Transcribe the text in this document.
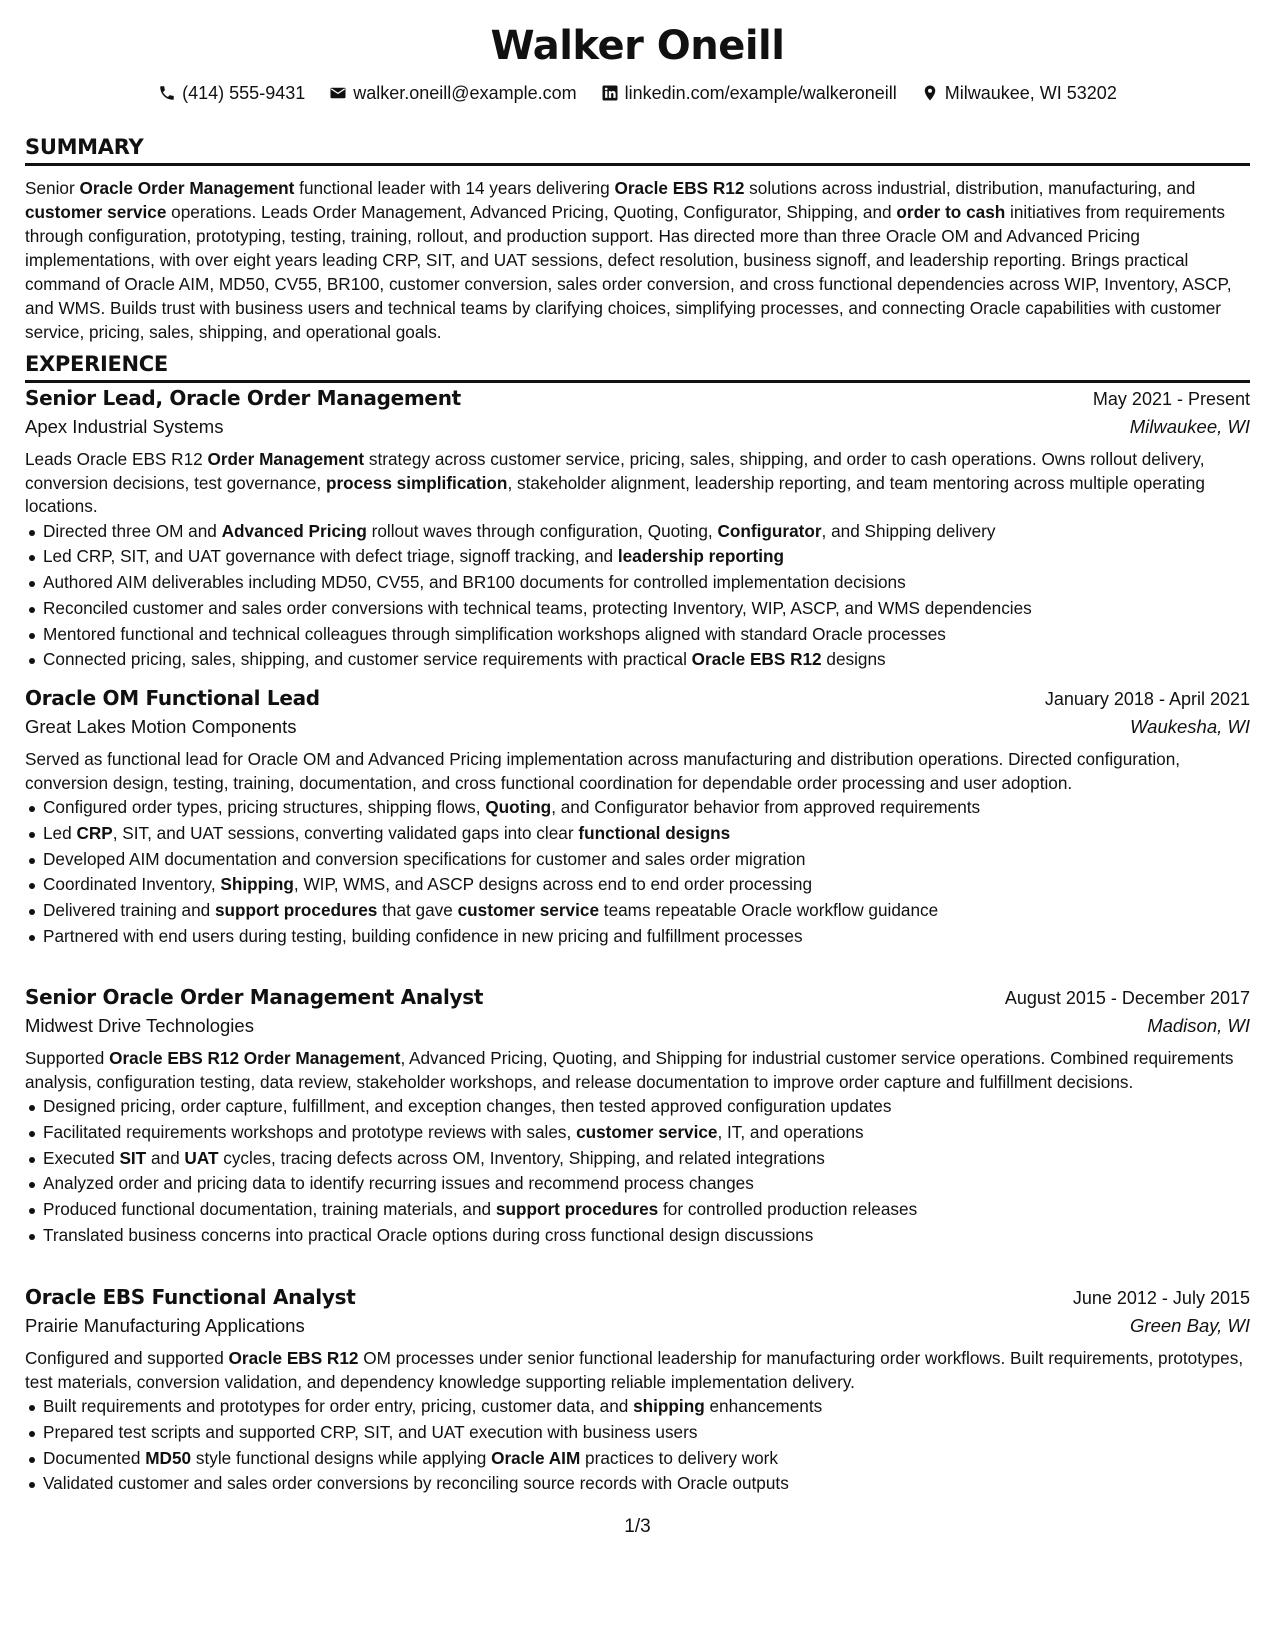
Walker Oneill
(414) 555-9431	walker.oneill@example.com	linkedin.com/example/walkeroneill	Milwaukee, WI 53202
SUMMARY
Senior Oracle Order Management functional leader with 14 years delivering Oracle EBS R12 solutions across industrial, distribution, manufacturing, and customer service operations. Leads Order Management, Advanced Pricing, Quoting, Configurator, Shipping, and order to cash initiatives from requirements through configuration, prototyping, testing, training, rollout, and production support. Has directed more than three Oracle OM and Advanced Pricing implementations, with over eight years leading CRP, SIT, and UAT sessions, defect resolution, business signoff, and leadership reporting. Brings practical command of Oracle AIM, MD50, CV55, BR100, customer conversion, sales order conversion, and cross functional dependencies across WIP, Inventory, ASCP, and WMS. Builds trust with business users and technical teams by clarifying choices, simplifying processes, and connecting Oracle capabilities with customer service, pricing, sales, shipping, and operational goals.
EXPERIENCE
Senior Lead, Oracle Order Management	May 2021 - Present
Apex Industrial Systems	Milwaukee, WI
Leads Oracle EBS R12 Order Management strategy across customer service, pricing, sales, shipping, and order to cash operations. Owns rollout delivery, conversion decisions, test governance, process simplification, stakeholder alignment, leadership reporting, and team mentoring across multiple operating locations.
Directed three OM and Advanced Pricing rollout waves through configuration, Quoting, Configurator, and Shipping delivery
Led CRP, SIT, and UAT governance with defect triage, signoff tracking, and leadership reporting
Authored AIM deliverables including MD50, CV55, and BR100 documents for controlled implementation decisions
Reconciled customer and sales order conversions with technical teams, protecting Inventory, WIP, ASCP, and WMS dependencies
Mentored functional and technical colleagues through simplification workshops aligned with standard Oracle processes
Connected pricing, sales, shipping, and customer service requirements with practical Oracle EBS R12 designs
Oracle OM Functional Lead	January 2018 - April 2021
Great Lakes Motion Components	Waukesha, WI
Served as functional lead for Oracle OM and Advanced Pricing implementation across manufacturing and distribution operations. Directed configuration, conversion design, testing, training, documentation, and cross functional coordination for dependable order processing and user adoption.
Configured order types, pricing structures, shipping flows, Quoting, and Configurator behavior from approved requirements
Led CRP, SIT, and UAT sessions, converting validated gaps into clear functional designs
Developed AIM documentation and conversion specifications for customer and sales order migration
Coordinated Inventory, Shipping, WIP, WMS, and ASCP designs across end to end order processing
Delivered training and support procedures that gave customer service teams repeatable Oracle workflow guidance
Partnered with end users during testing, building confidence in new pricing and fulfillment processes
Senior Oracle Order Management Analyst	August 2015 - December 2017
Midwest Drive Technologies	Madison, WI
Supported Oracle EBS R12 Order Management, Advanced Pricing, Quoting, and Shipping for industrial customer service operations. Combined requirements analysis, configuration testing, data review, stakeholder workshops, and release documentation to improve order capture and fulfillment decisions.
Designed pricing, order capture, fulfillment, and exception changes, then tested approved configuration updates
Facilitated requirements workshops and prototype reviews with sales, customer service, IT, and operations
Executed SIT and UAT cycles, tracing defects across OM, Inventory, Shipping, and related integrations
Analyzed order and pricing data to identify recurring issues and recommend process changes
Produced functional documentation, training materials, and support procedures for controlled production releases
Translated business concerns into practical Oracle options during cross functional design discussions
Oracle EBS Functional Analyst	June 2012 - July 2015
Prairie Manufacturing Applications	Green Bay, WI
Configured and supported Oracle EBS R12 OM processes under senior functional leadership for manufacturing order workflows. Built requirements, prototypes, test materials, conversion validation, and dependency knowledge supporting reliable implementation delivery.
Built requirements and prototypes for order entry, pricing, customer data, and shipping enhancements
Prepared test scripts and supported CRP, SIT, and UAT execution with business users
Documented MD50 style functional designs while applying Oracle AIM practices to delivery work
Validated customer and sales order conversions by reconciling source records with Oracle outputs
1/3
